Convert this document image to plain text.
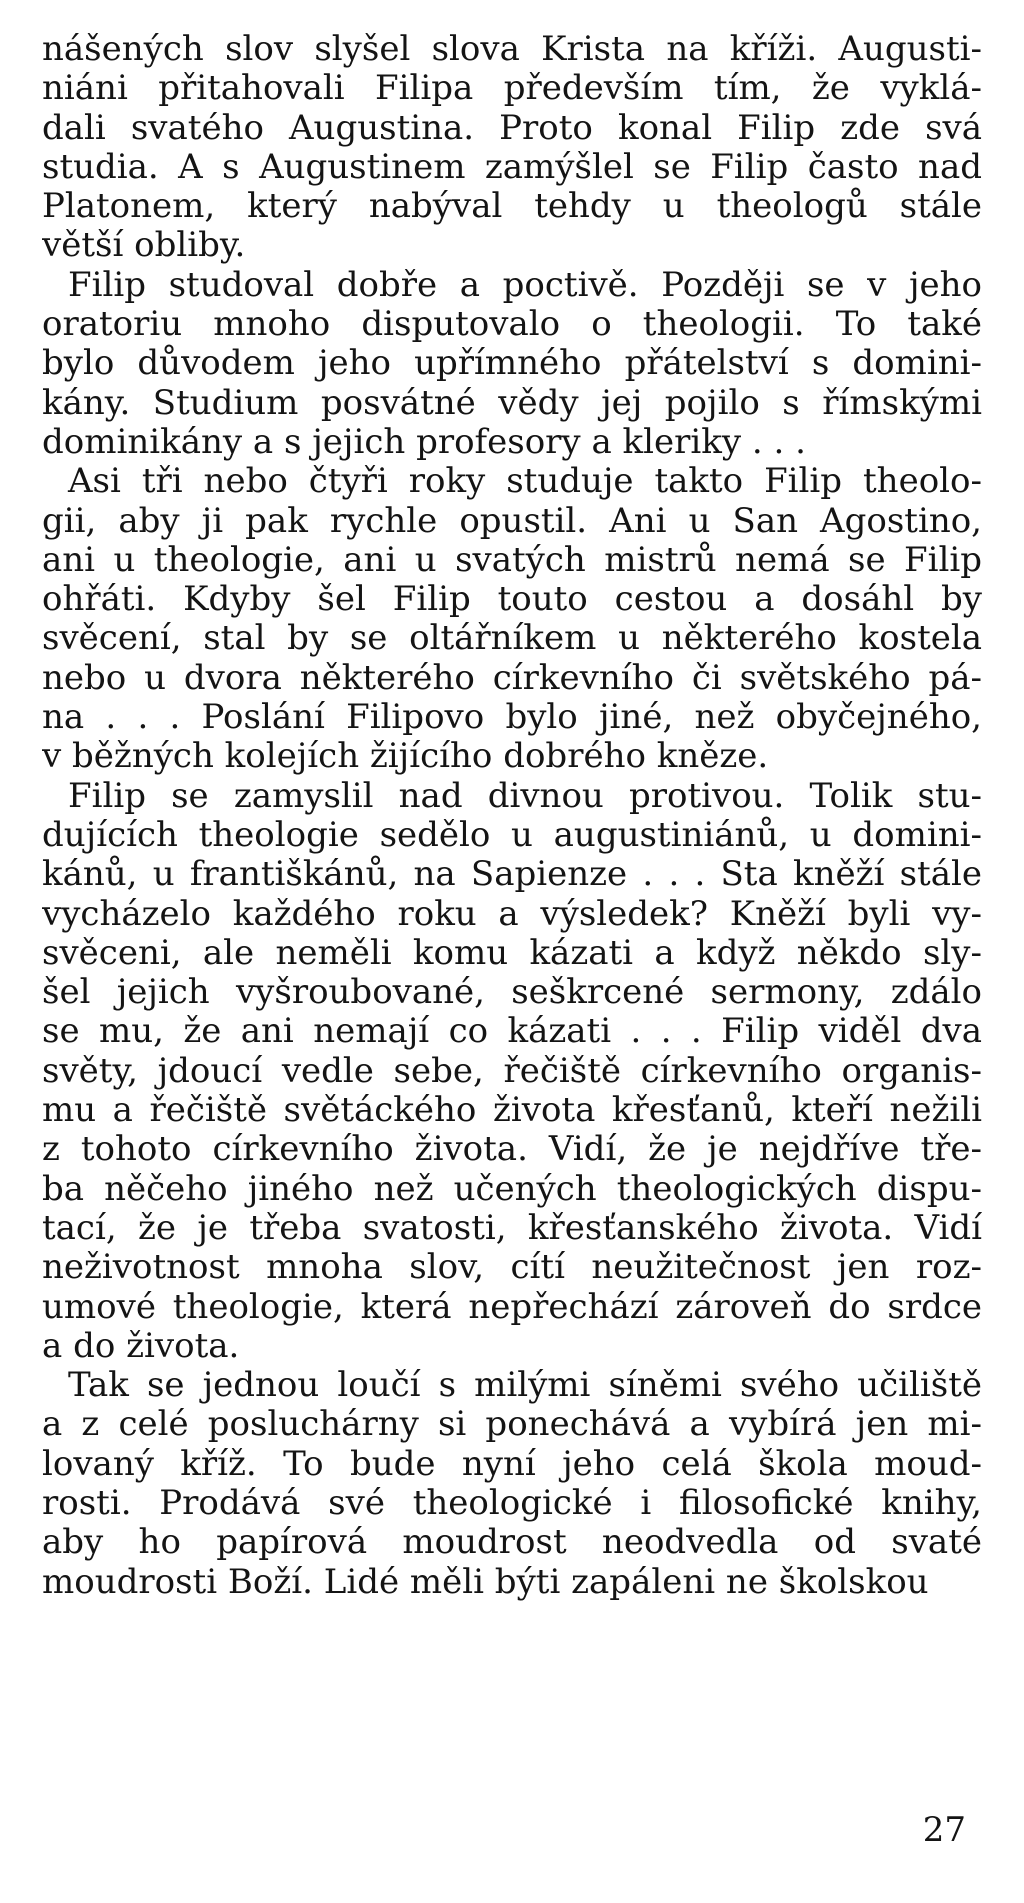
nášených slov slyšel slova Krista na kříži. Augusti-
niáni přitahovali Filipa především tím, že vyklá-
dali svatého Augustina. Proto konal Filip zde svá
studia. A s Augustinem zamýšlel se Filip často nad
Platonem, který nabýval tehdy u theologů stále
větší obliby.
Filip studoval dobře a poctivě. Později se v jeho
oratoriu mnoho disputovalo o theologii. To také
bylo důvodem jeho upřímného přátelství s domini-
kány. Studium posvátné vědy jej pojilo s římskými
dominikány a s jejich profesory a kleriky . . .
Asi tři nebo čtyři roky studuje takto Filip theolo-
gii, aby ji pak rychle opustil. Ani u San Agostino,
ani u theologie, ani u svatých mistrů nemá se Filip
ohřáti. Kdyby šel Filip touto cestou a dosáhl by
svěcení, stal by se oltářníkem u některého kostela
nebo u dvora některého církevního či světského pá-
na . . . Poslání Filipovo bylo jiné, než obyčejného,
v běžných kolejích žijícího dobrého kněze.
Filip se zamyslil nad divnou protivou. Tolik stu-
dujících theologie sedělo u augustiniánů, u domini-
kánů, u františkánů, na Sapienze . . . Sta kněží stále
vycházelo každého roku a výsledek? Kněží byli vy-
svěceni, ale neměli komu kázati a když někdo sly-
šel jejich vyšroubované, seškrcené sermony, zdálo
se mu, že ani nemají co kázati . . . Filip viděl dva
světy, jdoucí vedle sebe, řečiště církevního organis-
mu a řečiště světáckého života křesťanů, kteří nežili
z tohoto církevního života. Vidí, že je nejdříve tře-
ba něčeho jiného než učených theologických dispu-
tací, že je třeba svatosti, křesťanského života. Vidí
neživotnost mnoha slov, cítí neužitečnost jen roz-
umové theologie, která nepřechází zároveň do srdce
a do života.
Tak se jednou loučí s milými síněmi svého učiliště
a z celé posluchárny si ponechává a vybírá jen mi-
lovaný kříž. To bude nyní jeho celá škola moud-
rosti. Prodává své theologické i filosofické knihy,
aby ho papírová moudrost neodvedla od svaté
moudrosti Boží. Lidé měli býti zapáleni ne školskou
27
